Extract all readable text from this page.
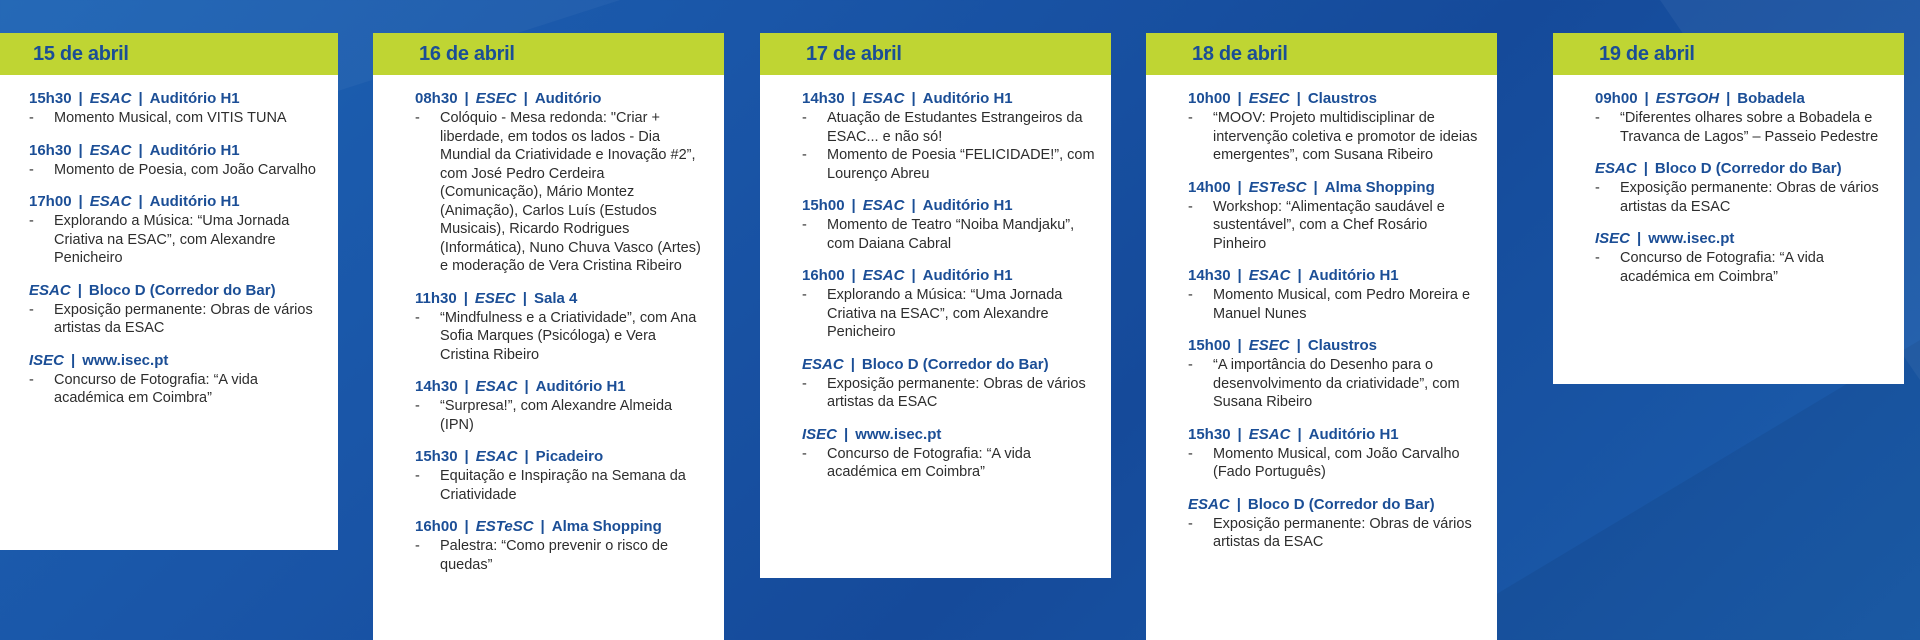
15 de abril
15h30 | ESAC | Auditório H1
- Momento Musical, com VITIS TUNA
16h30 | ESAC | Auditório H1
- Momento de Poesia, com João Carvalho
17h00 | ESAC | Auditório H1
- Explorando a Música: “Uma Jornada Criativa na ESAC”, com Alexandre Penicheiro
ESAC | Bloco D (Corredor do Bar)
- Exposição permanente: Obras de vários artistas da ESAC
ISEC | www.isec.pt
- Concurso de Fotografia: “A vida académica em Coimbra”
16 de abril
08h30 | ESEC | Auditório
- Colóquio - Mesa redonda: "Criar + liberdade, em todos os lados - Dia Mundial da Criatividade e Inovação #2”, com José Pedro Cerdeira (Comunicação), Mário Montez (Animação), Carlos Luís (Estudos Musicais), Ricardo Rodrigues (Informática), Nuno Chuva Vasco (Artes) e moderação de Vera Cristina Ribeiro
11h30 | ESEC | Sala 4
- “Mindfulness e a Criatividade”, com Ana Sofia Marques (Psicóloga) e Vera Cristina Ribeiro
14h30 | ESAC | Auditório H1
- “Surpresa!”, com Alexandre Almeida (IPN)
15h30 | ESAC | Picadeiro
- Equitação e Inspiração na Semana da Criatividade
16h00 | ESTeSC | Alma Shopping
- Palestra: “Como prevenir o risco de quedas”
17 de abril
14h30 | ESAC | Auditório H1
- Atuação de Estudantes Estrangeiros da ESAC... e não só!
- Momento de Poesia “FELICIDADE!”, com Lourenço Abreu
15h00 | ESAC | Auditório H1
- Momento de Teatro “Noiba Mandjaku”, com Daiana Cabral
16h00 | ESAC | Auditório H1
- Explorando a Música: “Uma Jornada Criativa na ESAC”, com Alexandre Penicheiro
ESAC | Bloco D (Corredor do Bar)
- Exposição permanente: Obras de vários artistas da ESAC
ISEC | www.isec.pt
- Concurso de Fotografia: “A vida académica em Coimbra”
18 de abril
10h00 | ESEC | Claustros
- “MOOV: Projeto multidisciplinar de intervenção coletiva e promotor de ideias emergentes”, com Susana Ribeiro
14h00 | ESTeSC | Alma Shopping
- Workshop: “Alimentação saudável e sustentável”, com a Chef Rosário Pinheiro
14h30 | ESAC | Auditório H1
- Momento Musical, com Pedro Moreira e Manuel Nunes
15h00 | ESEC | Claustros
- “A importância do Desenho para o desenvolvimento da criatividade”, com Susana Ribeiro
15h30 | ESAC | Auditório H1
- Momento Musical, com João Carvalho (Fado Português)
ESAC | Bloco D (Corredor do Bar)
- Exposição permanente: Obras de vários artistas da ESAC
19 de abril
09h00 | ESTGOH | Bobadela
- “Diferentes olhares sobre a Bobadela e Travanca de Lagos” – Passeio Pedestre
ESAC | Bloco D (Corredor do Bar)
- Exposição permanente: Obras de vários artistas da ESAC
ISEC | www.isec.pt
- Concurso de Fotografia: “A vida académica em Coimbra”
